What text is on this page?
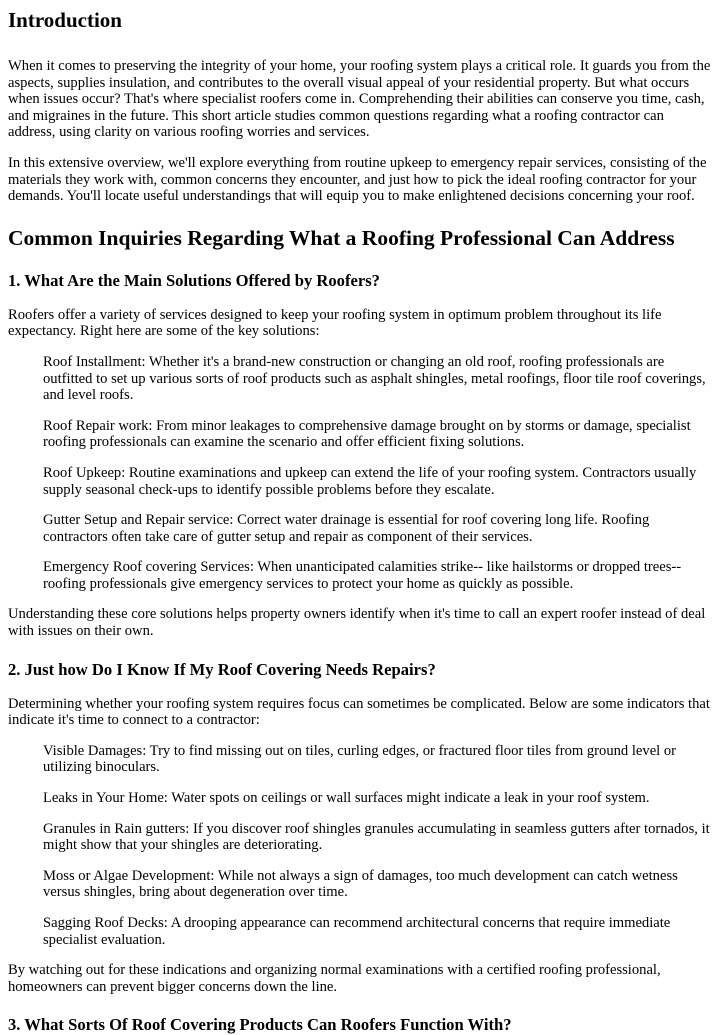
Introduction

When it comes to preserving the integrity of your home, your roofing system plays a critical role. It guards you from the aspects, supplies insulation, and contributes to the overall visual appeal of your residential property. But what occurs when issues occur? That's where specialist roofers come in. Comprehending their abilities can conserve you time, cash, and migraines in the future. This short article studies common questions regarding what a roofing contractor can address, using clarity on various roofing worries and services.

In this extensive overview, we'll explore everything from routine upkeep to emergency repair services, consisting of the materials they work with, common concerns they encounter, and just how to pick the ideal roofing contractor for your demands. You'll locate useful understandings that will equip you to make enlightened decisions concerning your roof.

Common Inquiries Regarding What a Roofing Professional Can Address
1. What Are the Main Solutions Offered by Roofers?

Roofers offer a variety of services designed to keep your roofing system in optimum problem throughout its life expectancy. Right here are some of the key solutions:

Roof Installment: Whether it's a brand-new construction or changing an old roof, roofing professionals are outfitted to set up various sorts of roof products such as asphalt shingles, metal roofings, floor tile roof coverings, and level roofs.
Roof Repair work: From minor leakages to comprehensive damage brought on by storms or damage, specialist roofing professionals can examine the scenario and offer efficient fixing solutions.
Roof Upkeep: Routine examinations and upkeep can extend the life of your roofing system. Contractors usually supply seasonal check-ups to identify possible problems before they escalate.
Gutter Setup and Repair service: Correct water drainage is essential for roof covering long life. Roofing contractors often take care of gutter setup and repair as component of their services.
Emergency Roof covering Services: When unanticipated calamities strike-- like hailstorms or dropped trees-- roofing professionals give emergency services to protect your home as quickly as possible.

Understanding these core solutions helps property owners identify when it's time to call an expert roofer instead of deal with issues on their own.

2. Just how Do I Know If My Roof Covering Needs Repairs?

Determining whether your roofing system requires focus can sometimes be complicated. Below are some indicators that indicate it's time to connect to a contractor:

Visible Damages: Try to find missing out on tiles, curling edges, or fractured floor tiles from ground level or utilizing binoculars.
Leaks in Your Home: Water spots on ceilings or wall surfaces might indicate a leak in your roof system.
Granules in Rain gutters: If you discover roof shingles granules accumulating in seamless gutters after tornados, it might show that your shingles are deteriorating.
Moss or Algae Development: While not always a sign of damages, too much development can catch wetness versus shingles, bring about degeneration over time.
Sagging Roof Decks: A drooping appearance can recommend architectural concerns that require immediate specialist evaluation.

By watching out for these indications and organizing normal examinations with a certified roofing professional, homeowners can prevent bigger concerns down the line.

3. What Sorts Of Roof Covering Products Can Roofers Function With?
